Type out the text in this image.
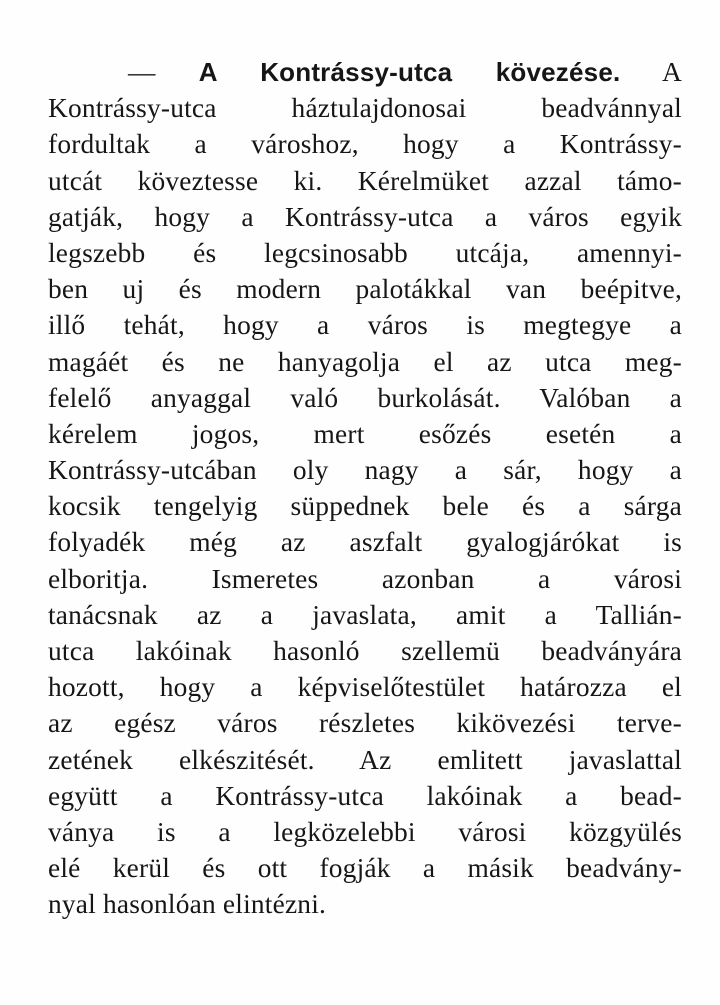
— A Kontrássy-utca kövezése. A
Kontrássy-utca háztulajdonosai beadvánnyal
fordultak a városhoz, hogy a Kontrássy-
utcát köveztesse ki. Kérelmüket azzal támo-
gatják, hogy a Kontrássy-utca a város egyik
legszebb és legcsinosabb utcája, amennyi-
ben uj és modern palotákkal van beépitve,
illő tehát, hogy a város is megtegye a
magáét és ne hanyagolja el az utca meg-
felelő anyaggal való burkolását. Valóban a
kérelem jogos, mert esőzés esetén a
Kontrássy-utcában oly nagy a sár, hogy a
kocsik tengelyig süppednek bele és a sárga
folyadék még az aszfalt gyalogjárókat is
elboritja. Ismeretes azonban a városi
tanácsnak az a javaslata, amit a Tallián-
utca lakóinak hasonló szellemü beadványára
hozott, hogy a képviselőtestület határozza el
az egész város részletes kikövezési terve-
zetének elkészitését. Az emlitett javaslattal
együtt a Kontrássy-utca lakóinak a bead-
ványa is a legközelebbi városi közgyülés
elé kerül és ott fogják a másik beadvány-
nyal hasonlóan elintézni.
